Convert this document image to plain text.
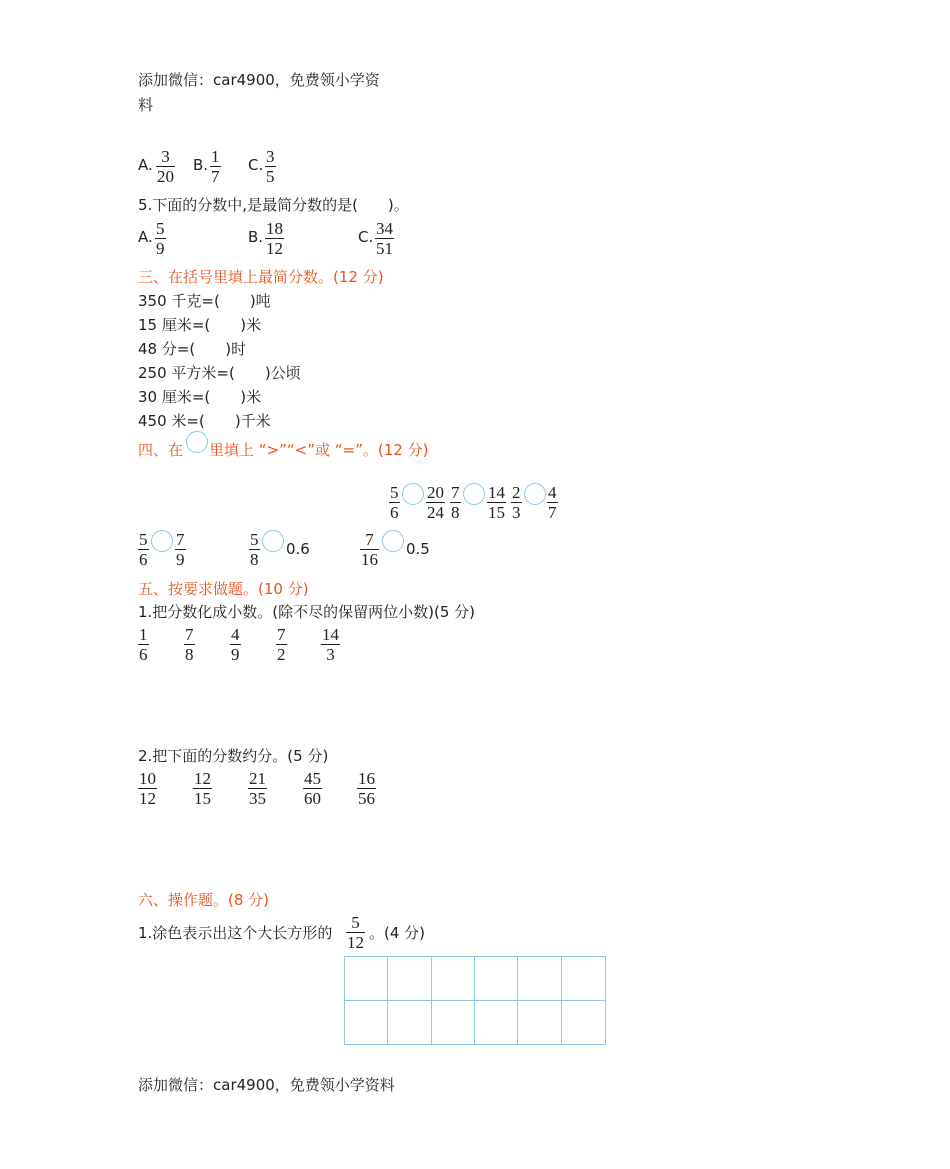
添加微信：car4900，免费领小学资
料
A. $\frac{3}{20} B$. $\frac{1}{7} C$. $\frac{3}{5}$
5.下面的分数中,是最简分数的是(　　)。
A. $\frac{5}{9}$	B. $\frac{18}{12}$	C. $\frac{34}{51}$
三、在括号里填上最简分数。(12 分)
350 千克=(　　)吨
15 厘米=(　　)米
48 分=(　　)时
250 平方米=(　　)公顷
30 厘米=(　　)米
450 米=(　　)千米
四、在 里填上 “>”“<”或 “=”。(12 分)
$\frac{5}{6} \frac{20}{24} \frac{7}{8} \frac{14}{15} \frac{2}{3} \frac{4}{7}$
$\frac{5}{6} \frac{7}{9}$	$\frac{5}{8} 0.6$	$\frac{7}{16} 0.5$
五、按要求做题。(10 分)
1.把分数化成小数。(除不尽的保留两位小数)(5 分)
$\frac{1}{6} \frac{7}{8} \frac{4}{9} \frac{7}{2} \frac{14}{3}$
2.把下面的分数约分。(5 分)
$\frac{10}{12} \frac{12}{15} \frac{21}{35} \frac{45}{60} \frac{16}{56}$
六、操作题。(8 分)
1.涂色表示出这个大长方形的 $\frac{5}{12}$ 。(4 分)
添加微信：car4900，免费领小学资料
